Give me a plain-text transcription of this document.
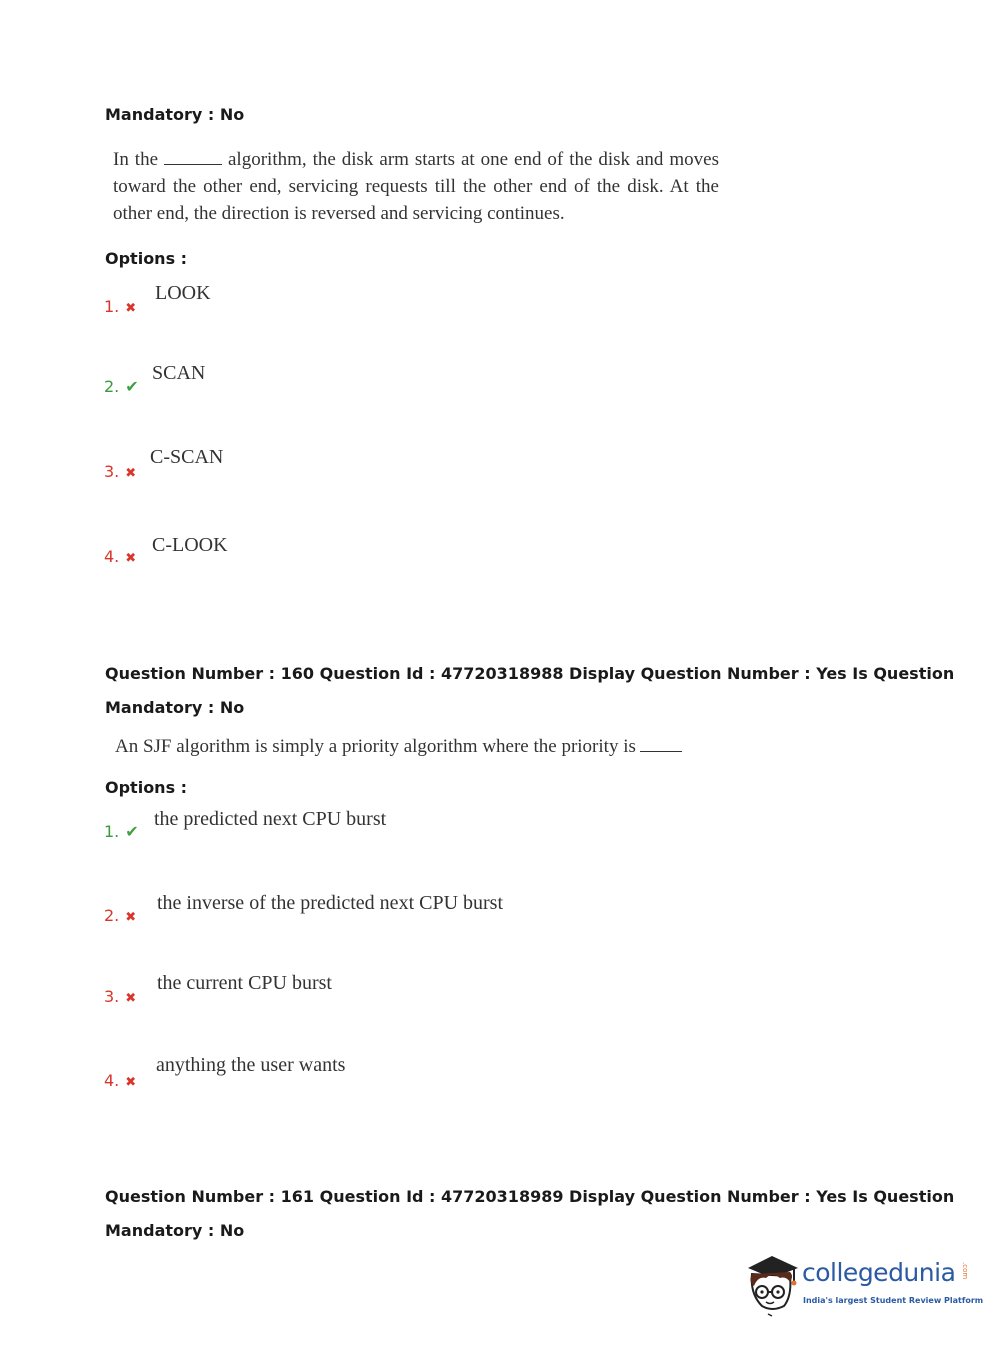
Mandatory : No
In the	algorithm, the disk arm starts at one end of the disk and moves toward the other end, servicing requests till the other end of the disk. At the other end, the direction is reversed and servicing continues.
Options :
1. ✖
LOOK
2. ✔
SCAN
3. ✖
C-SCAN
4. ✖
C-LOOK
Question Number : 160 Question Id : 47720318988 Display Question Number : Yes Is Question
Mandatory : No
An SJF algorithm is simply a priority algorithm where the priority is
Options :
1. ✔
the predicted next CPU burst
2. ✖
the inverse of the predicted next CPU burst
3. ✖
the current CPU burst
4. ✖
anything the user wants
Question Number : 161 Question Id : 47720318989 Display Question Number : Yes Is Question
Mandatory : No
collegedunia .com
India's largest Student Review Platform
